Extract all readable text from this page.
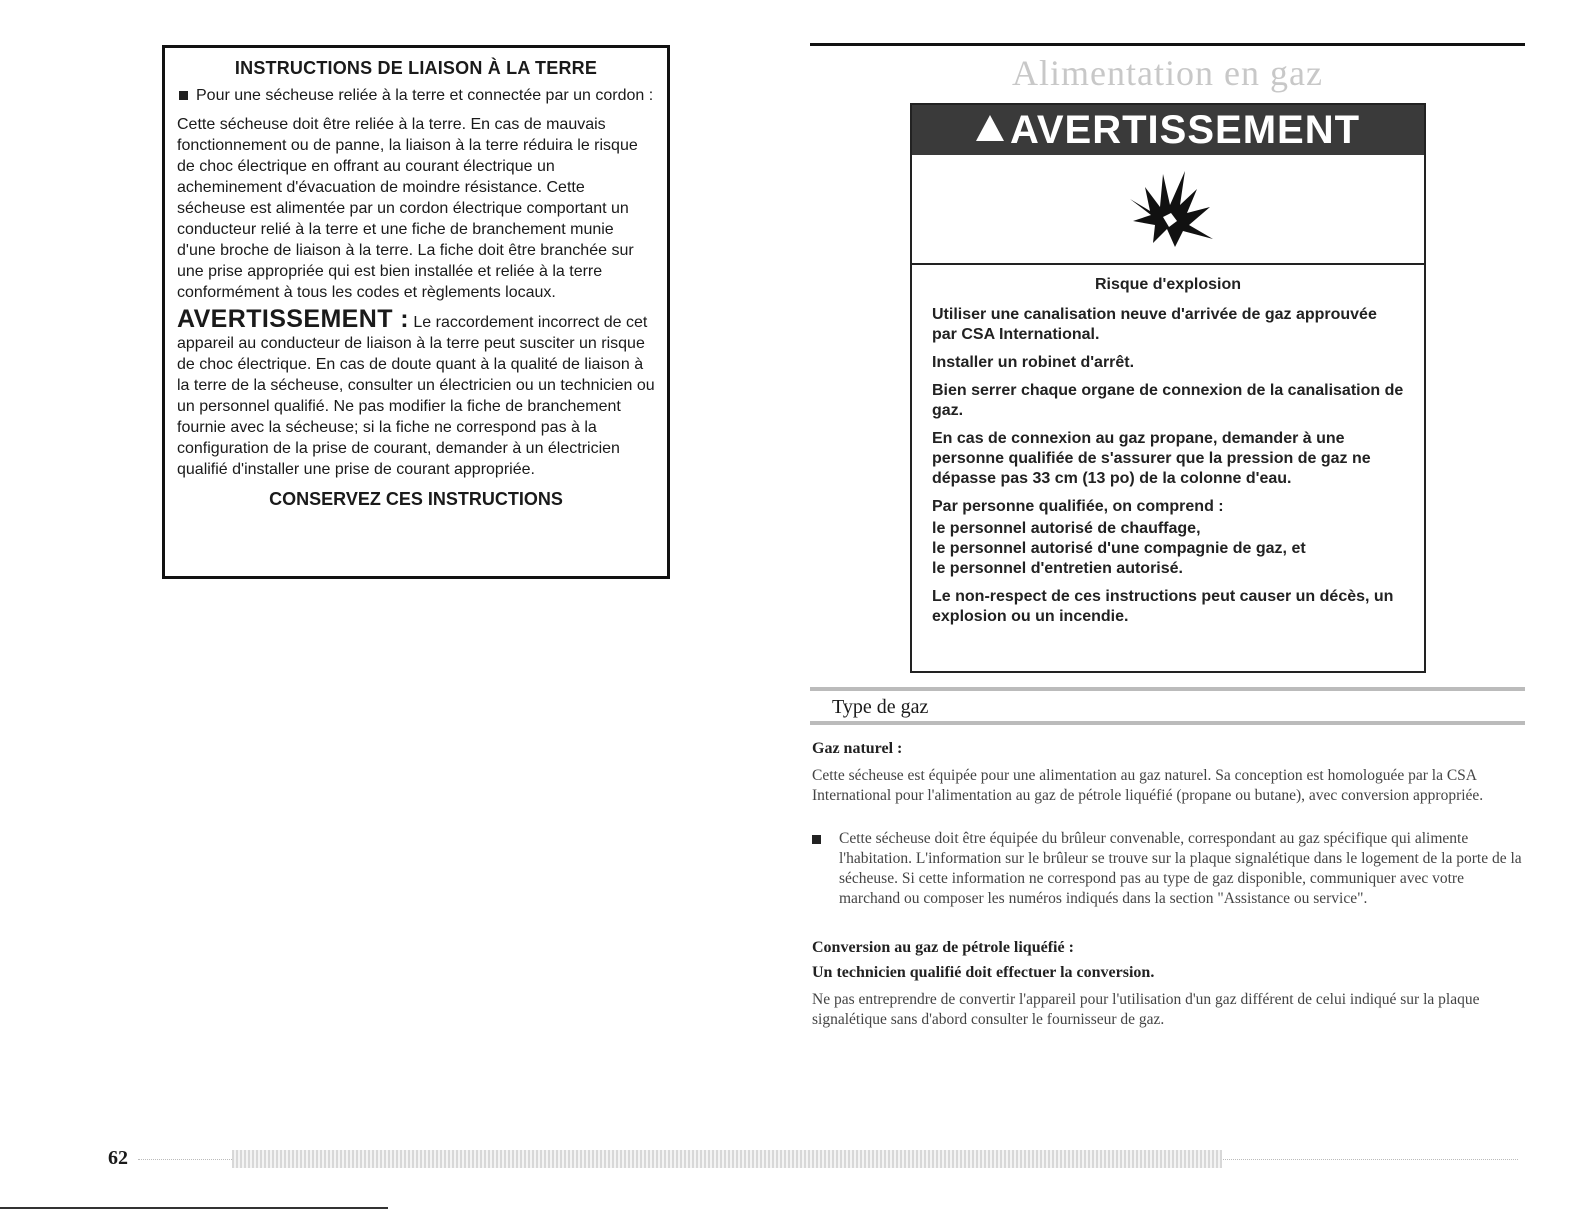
INSTRUCTIONS DE LIAISON À LA TERRE
Pour une sécheuse reliée à la terre et connectée par un cordon :

Cette sécheuse doit être reliée à la terre. En cas de mauvais fonctionnement ou de panne, la liaison à la terre réduira le risque de choc électrique en offrant au courant électrique un acheminement d'évacuation de moindre résistance. Cette sécheuse est alimentée par un cordon électrique comportant un conducteur relié à la terre et une fiche de branchement munie d'une broche de liaison à la terre. La fiche doit être branchée sur une prise appropriée qui est bien installée et reliée à la terre conformément à tous les codes et règlements locaux.

AVERTISSEMENT : Le raccordement incorrect de cet appareil au conducteur de liaison à la terre peut susciter un risque de choc électrique. En cas de doute quant à la qualité de liaison à la terre de la sécheuse, consulter un électricien ou un technicien ou un personnel qualifié. Ne pas modifier la fiche de branchement fournie avec la sécheuse; si la fiche ne correspond pas à la configuration de la prise de courant, demander à un électricien qualifié d'installer une prise de courant appropriée.

CONSERVEZ CES INSTRUCTIONS
Alimentation en gaz
AVERTISSEMENT

Risque d'explosion

Utiliser une canalisation neuve d'arrivée de gaz approuvée par CSA International.

Installer un robinet d'arrêt.

Bien serrer chaque organe de connexion de la canalisation de gaz.

En cas de connexion au gaz propane, demander à une personne qualifiée de s'assurer que la pression de gaz ne dépasse pas 33 cm (13 po) de la colonne d'eau.

Par personne qualifiée, on comprend :

le personnel autorisé de chauffage,

le personnel autorisé d'une compagnie de gaz, et

le personnel d'entretien autorisé.

Le non-respect de ces instructions peut causer un décès, un explosion ou un incendie.

Type de gaz
Gaz naturel :
Cette sécheuse est équipée pour une alimentation au gaz naturel. Sa conception est homologuée par la CSA International pour l'alimentation au gaz de pétrole liquéfié (propane ou butane), avec conversion appropriée.
Cette sécheuse doit être équipée du brûleur convenable, correspondant au gaz spécifique qui alimente l'habitation. L'information sur le brûleur se trouve sur la plaque signalétique dans le logement de la porte de la sécheuse. Si cette information ne correspond pas au type de gaz disponible, communiquer avec votre marchand ou composer les numéros indiqués dans la section "Assistance ou service".
Conversion au gaz de pétrole liquéfié :
Un technicien qualifié doit effectuer la conversion.
Ne pas entreprendre de convertir l'appareil pour l'utilisation d'un gaz différent de celui indiqué sur la plaque signalétique sans d'abord consulter le fournisseur de gaz.
62
